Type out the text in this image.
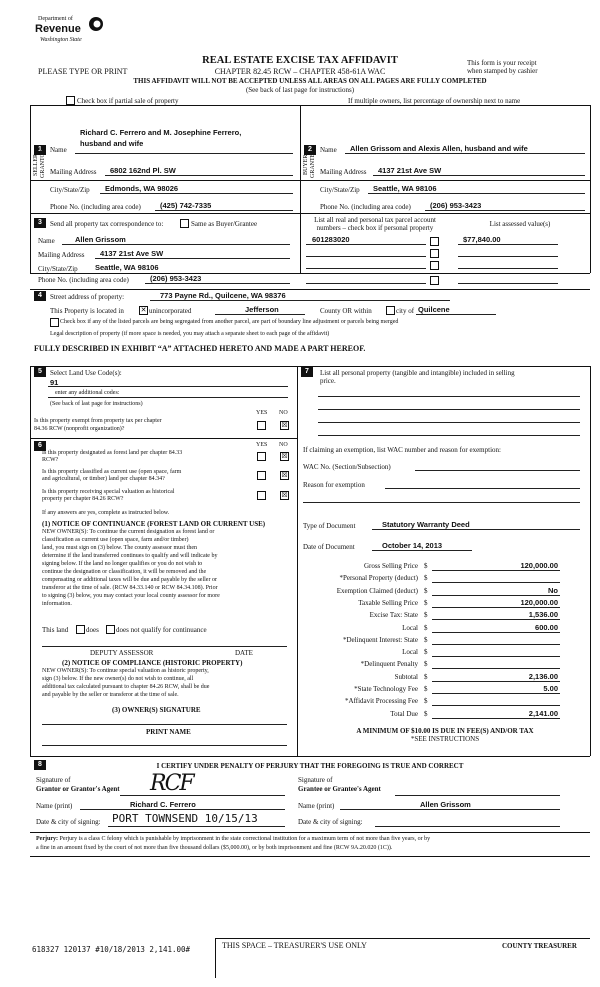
Department of
Revenue
Washington State
PLEASE TYPE OR PRINT
REAL ESTATE EXCISE TAX AFFIDAVIT
CHAPTER 82.45 RCW – CHAPTER 458-61A WAC
This form is your receipt
when stamped by cashier
THIS AFFIDAVIT WILL NOT BE ACCEPTED UNLESS ALL AREAS ON ALL PAGES ARE FULLY COMPLETED
(See back of last page for instructions)
Check box if partial sale of property	If multiple owners, list percentage of ownership next to name
1
SELLER GRANTOR Name
Richard C. Ferrero and M. Josephine Ferrero,
husband and wife
Mailing Address 6802 162nd Pl. SW
City/State/Zip Edmonds, WA 98026
Phone No. (including area code)	(425) 742-7335
2
BUYER GRANTEE Name Allen Grissom and Alexis Allen, husband and wife
Mailing Address 4137 21st Ave SW
City/State/Zip Seattle, WA 98106
Phone No. (including area code)	(206) 953-3423
3	Send all property tax correspondence to:	Same as Buyer/Grantee
Name	Allen Grissom
Mailing Address 4137 21st Ave SW
City/State/Zip Seattle, WA 98106
List all real and personal tax parcel account
numbers – check box if personal property	List assessed value(s)
601283020	$77,840.00
Phone No. (including area code)	(206) 953-3423
4	Street address of property:	773 Payne Rd., Quilcene, WA 98376
This Property is located in ✕ unincorporated	Jefferson	County OR within	city of Quilcene
Check box if any of the listed parcels are being segregated from another parcel, are part of boundary line adjustment or parcels being merged
Legal description of property (if more space is needed, you may attach a separate sheet to each page of the affidavit)
FULLY DESCRIBED IN EXHIBIT “A” ATTACHED HERETO AND MADE A PART HEREOF.
5	Select Land Use Code(s):
91
enter any additional codes:
(See back of last page for instructions)
YES NO
Is this property exempt from property tax per chapter
84.36 RCW (nonprofit organization)?	☒
6	YES NO
Is this property designated as forest land per chapter 84.33
RCW?	☒
Is this property classified as current use (open space, farm
and agricultural, or timber) land per chapter 84.34?	☒
Is this property receiving special valuation as historical
property per chapter 84.26 RCW?	☒
If any answers are yes, complete as instructed below.
(1) NOTICE OF CONTINUANCE (FOREST LAND OR CURRENT USE)
NEW OWNER(S): To continue the current designation as forest land or
classification as current use (open space, farm and/or timber)
land, you must sign on (3) below. The county assessor must then
determine if the land transferred continues to qualify and will indicate by
signing below. If the land no longer qualifies or you do not wish to
continue the designation or classification, it will be removed and the
compensating or additional taxes will be due and payable by the seller or
transferor at the time of sale. (RCW 84.33.140 or RCW 84.34.108). Prior
to signing (3) below, you may contact your local county assessor for more
information.
This land	does does not qualify for continuance
DEPUTY ASSESSOR	DATE
(2) NOTICE OF COMPLIANCE (HISTORIC PROPERTY)
NEW OWNER(S): To continue special valuation as historic property,
sign (3) below. If the new owner(s) do not wish to continue, all
additional tax calculated pursuant to chapter 84.26 RCW, shall be due
and payable by the seller or transferor at the time of sale.
(3) OWNER(S) SIGNATURE
PRINT NAME
7	List all personal property (tangible and intangible) included in selling
price.
If claiming an exemption, list WAC number and reason for exemption:
WAC No. (Section/Subsection)
Reason for exemption
Type of Document	Statutory Warranty Deed
Date of Document	October 14, 2013
Gross Selling Price $	120,000.00
*Personal Property (deduct) $
Exemption Claimed (deduct) $	No
Taxable Selling Price $	120,000.00
Excise Tax: State $	1,536.00
Local $	600.00
*Delinquent Interest: State $
Local $
*Delinquent Penalty $
Subtotal $	2,136.00
*State Technology Fee $	5.00
*Affidavit Processing Fee $
Total Due $	2,141.00
A MINIMUM OF $10.00 IS DUE IN FEE(S) AND/OR TAX
*SEE INSTRUCTIONS
8	I CERTIFY UNDER PENALTY OF PERJURY THAT THE FOREGOING IS TRUE AND CORRECT
Signature of
Grantor or Grantor's Agent RCF	Signature of
Grantee or Grantee's Agent
Name (print)	Richard C. Ferrero	Name (print)	Allen Grissom
Date & city of signing: PORT TOWNSEND 10/15/13	Date & city of signing:
Perjury: Perjury is a class C felony which is punishable by imprisonment in the state correctional institution for a maximum term of not more than five years, or by
a fine in an amount fixed by the court of not more than five thousand dollars ($5,000.00), or by both imprisonment and fine (RCW 9A.20.020 (1C)).
618327 120137 #10/18/2013 2,141.00#	THIS SPACE – TREASURER'S USE ONLY	COUNTY TREASURER
